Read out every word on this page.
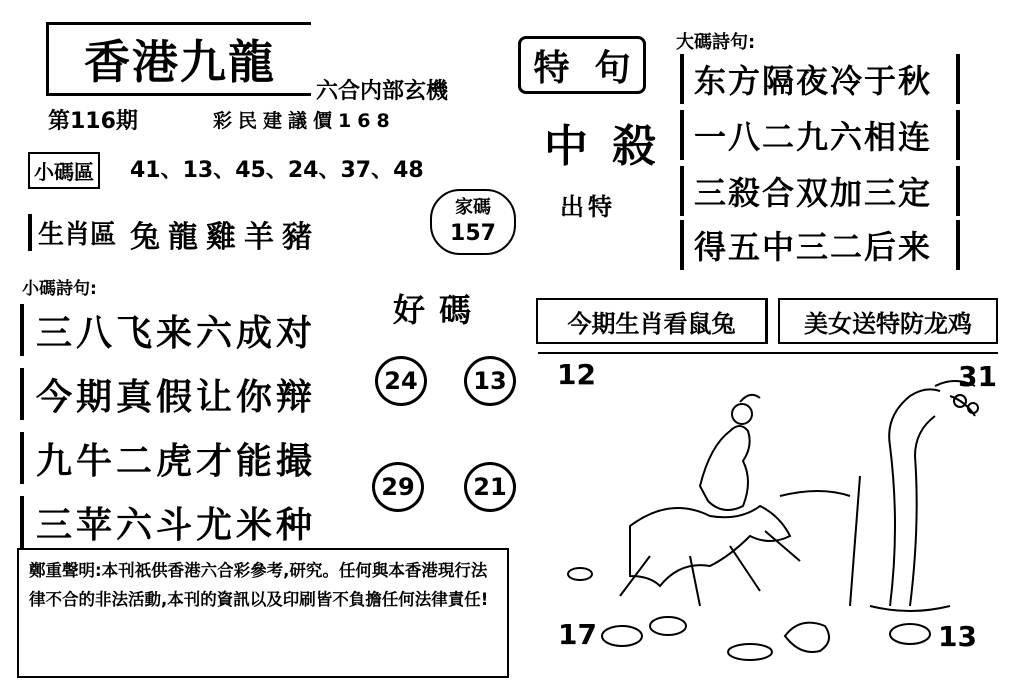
香港九龍
六合内部玄機
第116期	彩民建議價168
小碼區 41、13、45、24、37、48
生肖區 兔龍雞羊豬
家碼
157
小碼詩句:
三八飞来六成对
今期真假让你辩
九牛二虎才能撮
三苹六斗尤米种
鄭重聲明:本刊祇供香港六合彩參考,研究。任何與本香港現行法律不合的非法活動,本刊的資訊以及印刷皆不負擔任何法律責任!
特 句
中殺
出特
好碼
24	13
29	21
大碼詩句:
东方隔夜冷于秋
一八二九六相连
三殺合双加三定
得五中三二后来
今期生肖看鼠兔	美女送特防龙鸡
12	31
17	13
